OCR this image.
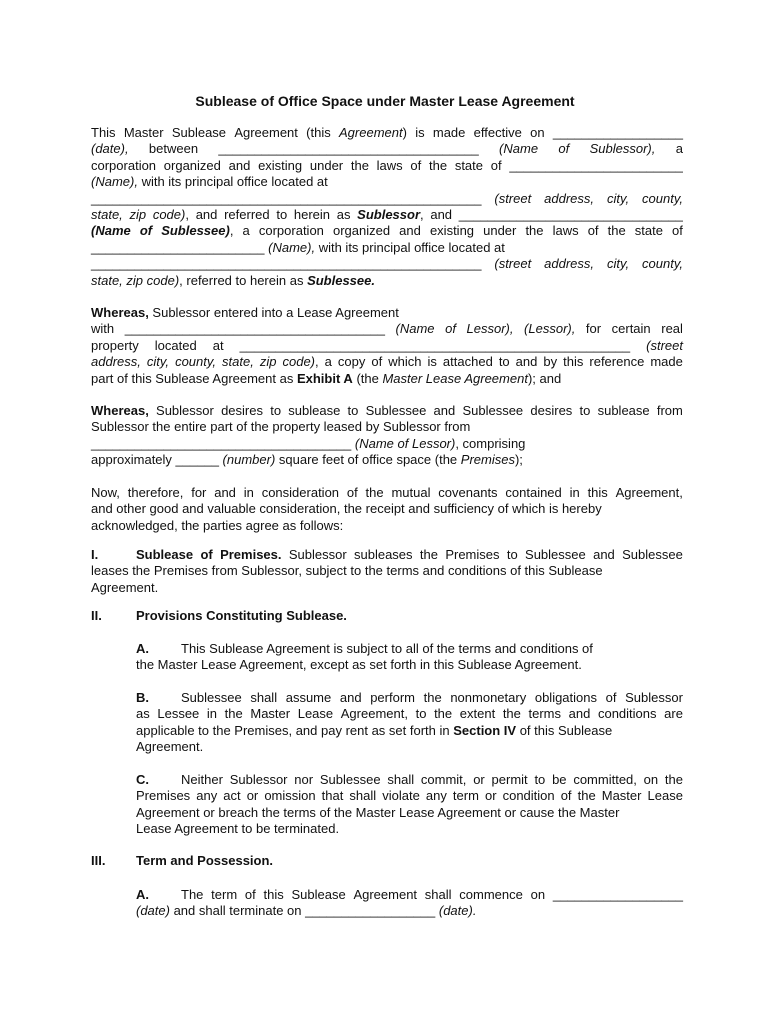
Sublease of Office Space under Master Lease Agreement
This Master Sublease Agreement (this Agreement) is made effective on __________________
(date), between ____________________________________ (Name of Sublessor), a
corporation organized and existing under the laws of the state of ________________________
(Name), with its principal office located at
______________________________________________________ (street address, city, county,
state, zip code), and referred to herein as Sublessor, and _______________________________
(Name of Sublessee), a corporation organized and existing under the laws of the state of
________________________ (Name), with its principal office located at
______________________________________________________ (street address, city, county,
state, zip code), referred to herein as Sublessee.
Whereas, Sublessor entered into a Lease Agreement
with ____________________________________ (Name of Lessor), (Lessor), for certain real
property located at ______________________________________________________ (street
address, city, county, state, zip code), a copy of which is attached to and by this reference made
part of this Sublease Agreement as Exhibit A (the Master Lease Agreement); and
Whereas, Sublessor desires to sublease to Sublessee and Sublessee desires to sublease from
Sublessor the entire part of the property leased by Sublessor from
____________________________________ (Name of Lessor), comprising
approximately ______ (number) square feet of office space (the Premises);
Now, therefore, for and in consideration of the mutual covenants contained in this Agreement,
and other good and valuable consideration, the receipt and sufficiency of which is hereby
acknowledged, the parties agree as follows:
I.	Sublease of Premises. Sublessor subleases the Premises to Sublessee and Sublessee
leases the Premises from Sublessor, subject to the terms and conditions of this Sublease
Agreement.
II.	Provisions Constituting Sublease.
A. This Sublease Agreement is subject to all of the terms and conditions of
the Master Lease Agreement, except as set forth in this Sublease Agreement.
B. Sublessee shall assume and perform the nonmonetary obligations of Sublessor
as Lessee in the Master Lease Agreement, to the extent the terms and conditions are
applicable to the Premises, and pay rent as set forth in Section IV of this Sublease
Agreement.
C. Neither Sublessor nor Sublessee shall commit, or permit to be committed, on the
Premises any act or omission that shall violate any term or condition of the Master Lease
Agreement or breach the terms of the Master Lease Agreement or cause the Master
Lease Agreement to be terminated.
III. Term and Possession.
A. The term of this Sublease Agreement shall commence on __________________
(date) and shall terminate on __________________ (date).
